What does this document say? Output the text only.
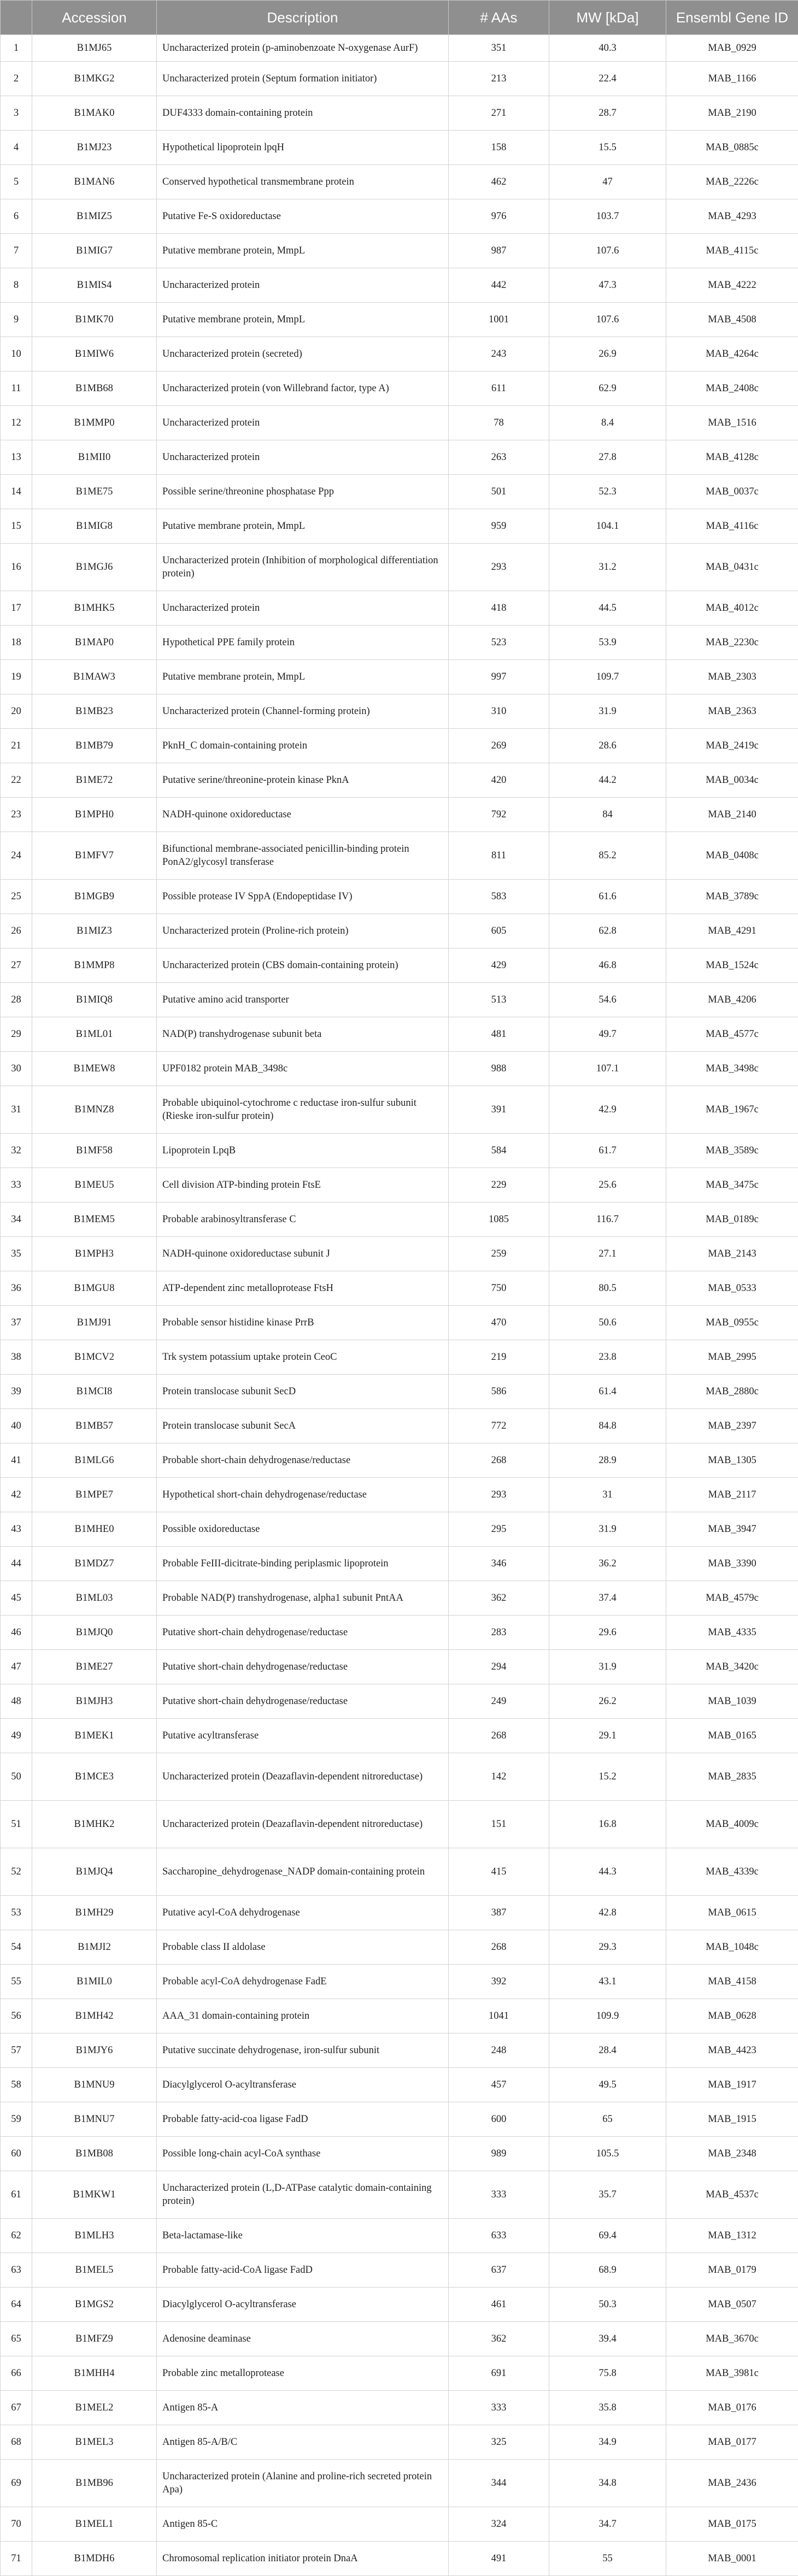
	Accession	Description	# AAs	MW [kDa]	Ensembl Gene ID
1	B1MJ65	Uncharacterized protein (p-aminobenzoate N-oxygenase AurF)	351	40.3	MAB_0929
2	B1MKG2	Uncharacterized protein (Septum formation initiator)	213	22.4	MAB_1166
3	B1MAK0	DUF4333 domain-containing protein	271	28.7	MAB_2190
4	B1MJ23	Hypothetical lipoprotein lpqH	158	15.5	MAB_0885c
5	B1MAN6	Conserved hypothetical transmembrane protein	462	47	MAB_2226c
6	B1MIZ5	Putative Fe-S oxidoreductase	976	103.7	MAB_4293
7	B1MIG7	Putative membrane protein, MmpL	987	107.6	MAB_4115c
8	B1MIS4	Uncharacterized protein	442	47.3	MAB_4222
9	B1MK70	Putative membrane protein, MmpL	1001	107.6	MAB_4508
10	B1MIW6	Uncharacterized protein (secreted)	243	26.9	MAB_4264c
11	B1MB68	Uncharacterized protein (von Willebrand factor, type A)	611	62.9	MAB_2408c
12	B1MMP0	Uncharacterized protein	78	8.4	MAB_1516
13	B1MII0	Uncharacterized protein	263	27.8	MAB_4128c
14	B1ME75	Possible serine/threonine phosphatase Ppp	501	52.3	MAB_0037c
15	B1MIG8	Putative membrane protein, MmpL	959	104.1	MAB_4116c
16	B1MGJ6	Uncharacterized protein (Inhibition of morphological differentiation protein)	293	31.2	MAB_0431c
17	B1MHK5	Uncharacterized protein	418	44.5	MAB_4012c
18	B1MAP0	Hypothetical PPE family protein	523	53.9	MAB_2230c
19	B1MAW3	Putative membrane protein, MmpL	997	109.7	MAB_2303
20	B1MB23	Uncharacterized protein (Channel-forming protein)	310	31.9	MAB_2363
21	B1MB79	PknH_C domain-containing protein	269	28.6	MAB_2419c
22	B1ME72	Putative serine/threonine-protein kinase PknA	420	44.2	MAB_0034c
23	B1MPH0	NADH-quinone oxidoreductase	792	84	MAB_2140
24	B1MFV7	Bifunctional membrane-associated penicillin-binding protein PonA2/glycosyl transferase	811	85.2	MAB_0408c
25	B1MGB9	Possible protease IV SppA (Endopeptidase IV)	583	61.6	MAB_3789c
26	B1MIZ3	Uncharacterized protein (Proline-rich protein)	605	62.8	MAB_4291
27	B1MMP8	Uncharacterized protein (CBS domain-containing protein)	429	46.8	MAB_1524c
28	B1MIQ8	Putative amino acid transporter	513	54.6	MAB_4206
29	B1ML01	NAD(P) transhydrogenase subunit beta	481	49.7	MAB_4577c
30	B1MEW8	UPF0182 protein MAB_3498c	988	107.1	MAB_3498c
31	B1MNZ8	Probable ubiquinol-cytochrome c reductase iron-sulfur subunit (Rieske iron-sulfur protein)	391	42.9	MAB_1967c
32	B1MF58	Lipoprotein LpqB	584	61.7	MAB_3589c
33	B1MEU5	Cell division ATP-binding protein FtsE	229	25.6	MAB_3475c
34	B1MEM5	Probable arabinosyltransferase C	1085	116.7	MAB_0189c
35	B1MPH3	NADH-quinone oxidoreductase subunit J	259	27.1	MAB_2143
36	B1MGU8	ATP-dependent zinc metalloprotease FtsH	750	80.5	MAB_0533
37	B1MJ91	Probable sensor histidine kinase PrrB	470	50.6	MAB_0955c
38	B1MCV2	Trk system potassium uptake protein CeoC	219	23.8	MAB_2995
39	B1MCI8	Protein translocase subunit SecD	586	61.4	MAB_2880c
40	B1MB57	Protein translocase subunit SecA	772	84.8	MAB_2397
41	B1MLG6	Probable short-chain dehydrogenase/reductase	268	28.9	MAB_1305
42	B1MPE7	Hypothetical short-chain dehydrogenase/reductase	293	31	MAB_2117
43	B1MHE0	Possible oxidoreductase	295	31.9	MAB_3947
44	B1MDZ7	Probable FeIII-dicitrate-binding periplasmic lipoprotein	346	36.2	MAB_3390
45	B1ML03	Probable NAD(P) transhydrogenase, alpha1 subunit PntAA	362	37.4	MAB_4579c
46	B1MJQ0	Putative short-chain dehydrogenase/reductase	283	29.6	MAB_4335
47	B1ME27	Putative short-chain dehydrogenase/reductase	294	31.9	MAB_3420c
48	B1MJH3	Putative short-chain dehydrogenase/reductase	249	26.2	MAB_1039
49	B1MEK1	Putative acyltransferase	268	29.1	MAB_0165
50	B1MCE3	Uncharacterized protein (Deazaflavin-dependent nitroreductase)	142	15.2	MAB_2835
51	B1MHK2	Uncharacterized protein (Deazaflavin-dependent nitroreductase)	151	16.8	MAB_4009c
52	B1MJQ4	Saccharopine_dehydrogenase_NADP domain-containing protein	415	44.3	MAB_4339c
53	B1MH29	Putative acyl-CoA dehydrogenase	387	42.8	MAB_0615
54	B1MJI2	Probable class II aldolase	268	29.3	MAB_1048c
55	B1MIL0	Probable acyl-CoA dehydrogenase FadE	392	43.1	MAB_4158
56	B1MH42	AAA_31 domain-containing protein	1041	109.9	MAB_0628
57	B1MJY6	Putative succinate dehydrogenase, iron-sulfur subunit	248	28.4	MAB_4423
58	B1MNU9	Diacylglycerol O-acyltransferase	457	49.5	MAB_1917
59	B1MNU7	Probable fatty-acid-coa ligase FadD	600	65	MAB_1915
60	B1MB08	Possible long-chain acyl-CoA synthase	989	105.5	MAB_2348
61	B1MKW1	Uncharacterized protein (L,D-ATPase catalytic domain-containing protein)	333	35.7	MAB_4537c
62	B1MLH3	Beta-lactamase-like	633	69.4	MAB_1312
63	B1MEL5	Probable fatty-acid-CoA ligase FadD	637	68.9	MAB_0179
64	B1MGS2	Diacylglycerol O-acyltransferase	461	50.3	MAB_0507
65	B1MFZ9	Adenosine deaminase	362	39.4	MAB_3670c
66	B1MHH4	Probable zinc metalloprotease	691	75.8	MAB_3981c
67	B1MEL2	Antigen 85-A	333	35.8	MAB_0176
68	B1MEL3	Antigen 85-A/B/C	325	34.9	MAB_0177
69	B1MB96	Uncharacterized protein (Alanine and proline-rich secreted protein Apa)	344	34.8	MAB_2436
70	B1MEL1	Antigen 85-C	324	34.7	MAB_0175
71	B1MDH6	Chromosomal replication initiator protein DnaA	491	55	MAB_0001
